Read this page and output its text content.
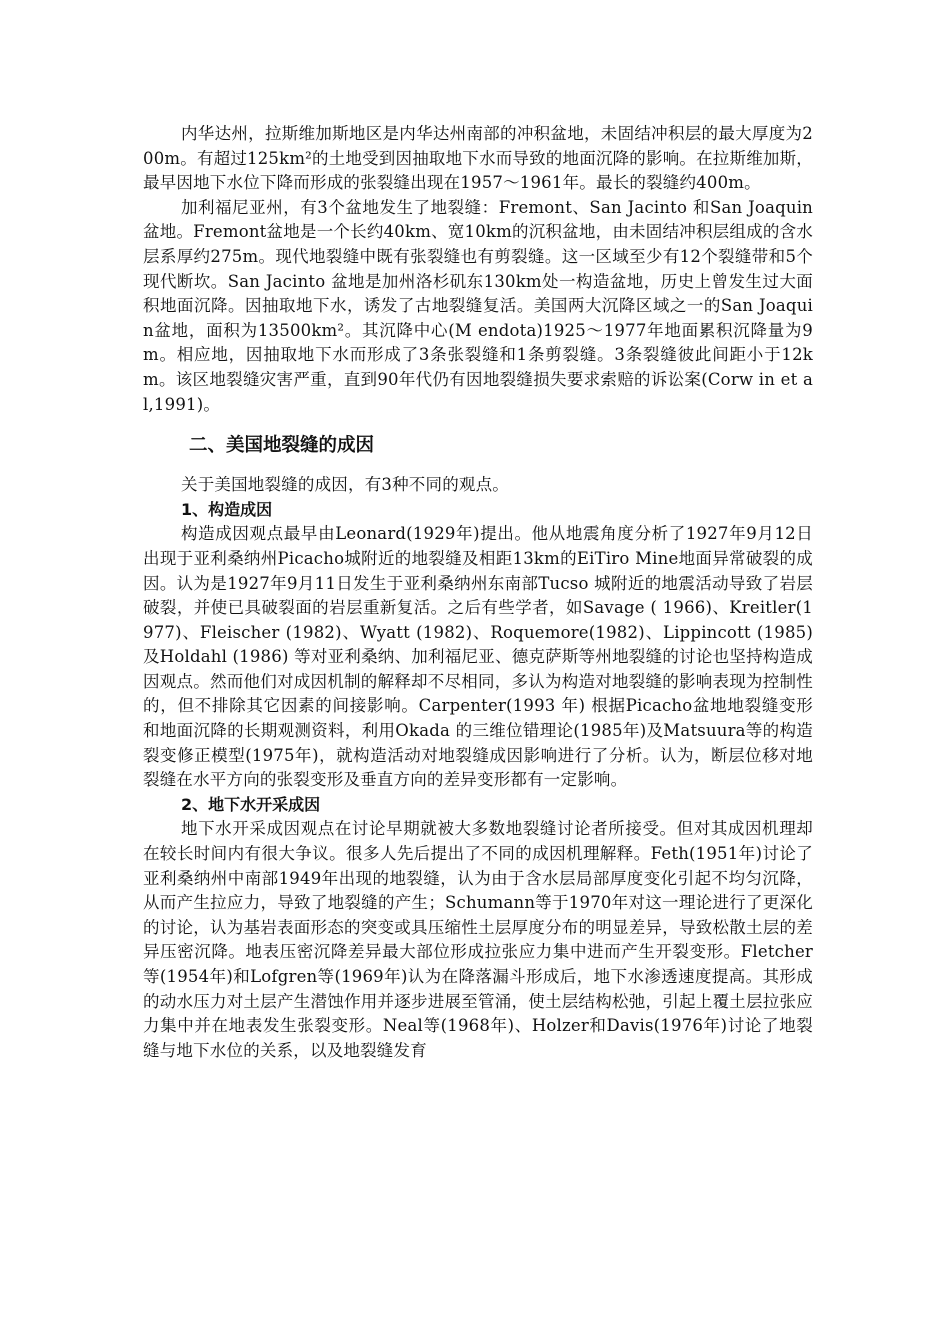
内华达州，拉斯维加斯地区是内华达州南部的冲积盆地，未固结冲积层的最大厚度为200m。有超过125km²的土地受到因抽取地下水而导致的地面沉降的影响。在拉斯维加斯，最早因地下水位下降而形成的张裂缝出现在1957～1961年。最长的裂缝约400m。

加利福尼亚州，有3个盆地发生了地裂缝：Fremont、San Jacinto 和San Joaquin 盆地。Fremont盆地是一个长约40km、宽10km的沉积盆地，由未固结冲积层组成的含水层系厚约275m。现代地裂缝中既有张裂缝也有剪裂缝。这一区域至少有12个裂缝带和5个现代断坎。San Jacinto 盆地是加州洛杉矶东130km处一构造盆地，历史上曾发生过大面积地面沉降。因抽取地下水，诱发了古地裂缝复活。美国两大沉降区域之一的San Joaquin盆地，面积为13500km²。其沉降中心(M endota)1925～1977年地面累积沉降量为9m。相应地，因抽取地下水而形成了3条张裂缝和1条剪裂缝。3条裂缝彼此间距小于12km。该区地裂缝灾害严重，直到90年代仍有因地裂缝损失要求索赔的诉讼案(Corw in et al,1991)。

二、美国地裂缝的成因

关于美国地裂缝的成因，有3种不同的观点。

1、构造成因

构造成因观点最早由Leonard(1929年)提出。他从地震角度分析了1927年9月12日出现于亚利桑纳州Picacho城附近的地裂缝及相距13km的EiTiro Mine地面异常破裂的成因。认为是1927年9月11日发生于亚利桑纳州东南部Tucso 城附近的地震活动导致了岩层破裂，并使已具破裂面的岩层重新复活。之后有些学者，如Savage ( 1966)、Kreitler(1977)、Fleischer (1982)、Wyatt (1982)、Roquemore(1982)、Lippincott (1985) 及Holdahl (1986) 等对亚利桑纳、加利福尼亚、德克萨斯等州地裂缝的讨论也坚持构造成因观点。然而他们对成因机制的解释却不尽相同，多认为构造对地裂缝的影响表现为控制性的，但不排除其它因素的间接影响。Carpenter(1993 年) 根据Picacho盆地地裂缝变形和地面沉降的长期观测资料，利用Okada 的三维位错理论(1985年)及Matsuura等的构造裂变修正模型(1975年)，就构造活动对地裂缝成因影响进行了分析。认为，断层位移对地裂缝在水平方向的张裂变形及垂直方向的差异变形都有一定影响。

2、地下水开采成因

地下水开采成因观点在讨论早期就被大多数地裂缝讨论者所接受。但对其成因机理却在较长时间内有很大争议。很多人先后提出了不同的成因机理解释。Feth(1951年)讨论了亚利桑纳州中南部1949年出现的地裂缝，认为由于含水层局部厚度变化引起不均匀沉降，从而产生拉应力，导致了地裂缝的产生；Schumann等于1970年对这一理论进行了更深化的讨论，认为基岩表面形态的突变或具压缩性土层厚度分布的明显差异，导致松散土层的差异压密沉降。地表压密沉降差异最大部位形成拉张应力集中进而产生开裂变形。Fletcher等(1954年)和Lofgren等(1969年)认为在降落漏斗形成后，地下水渗透速度提高。其形成的动水压力对土层产生潜蚀作用并逐步进展至管涌，使土层结构松弛，引起上覆土层拉张应力集中并在地表发生张裂变形。Neal等(1968年)、Holzer和Davis(1976年)讨论了地裂缝与地下水位的关系，以及地裂缝发育
